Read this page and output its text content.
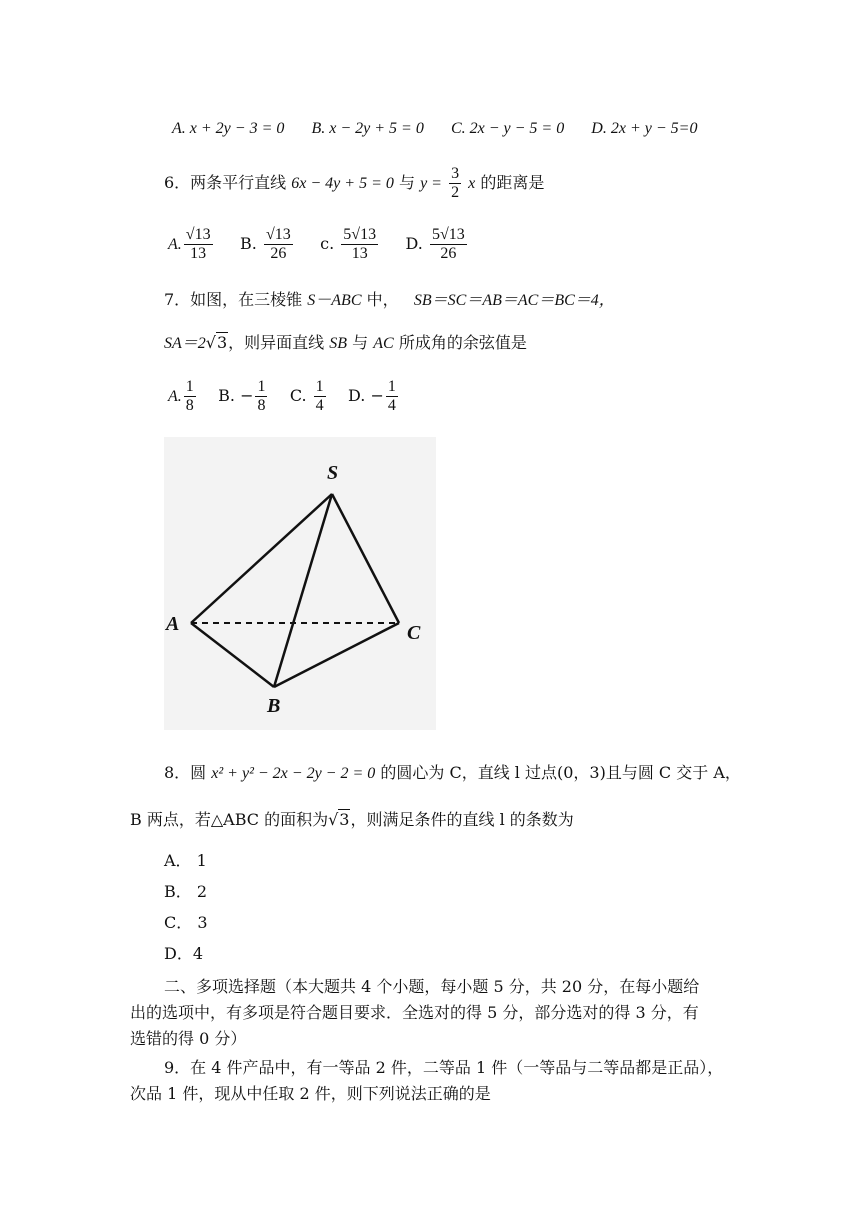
A. x + 2y − 3 = 0 B. x − 2y + 5 = 0 C. 2x − y − 5 = 0 D. 2x + y − 5=0
6．两条平行直线 6x − 4y + 5 = 0 与 $y = \frac{3}{2}$ x 的距离是
A. $\frac{√13}{13} B$. $\frac{√13}{26} c$. $\frac{5√13}{13} D$. $\frac{5√13}{26}$
7．如图，在三棱锥 S－ABC 中， SB＝SC＝AB＝AC＝BC＝4，
SA＝2√3，则异面直线 SB 与 AC 所成角的余弦值是
A. $\frac{1}{8} B$. − $\frac{1}{8} C$. $\frac{1}{4} D$. − $\frac{1}{4}$
S
A	C
B
8．圆 x² + y² − 2x − 2y − 2 = 0 的圆心为 C，直线 l 过点(0，3)且与圆 C 交于 A，
B 两点，若△ABC 的面积为√3，则满足条件的直线 l 的条数为
A． 1
B． 2
C． 3
D．4
二、多项选择题（本大题共 4 个小题，每小题 5 分，共 20 分，在每小题给
出的选项中，有多项是符合题目要求．全选对的得 5 分，部分选对的得 3 分，有
选错的得 0 分）
9．在 4 件产品中，有一等品 2 件，二等品 1 件（一等品与二等品都是正品），
次品 1 件，现从中任取 2 件，则下列说法正确的是
